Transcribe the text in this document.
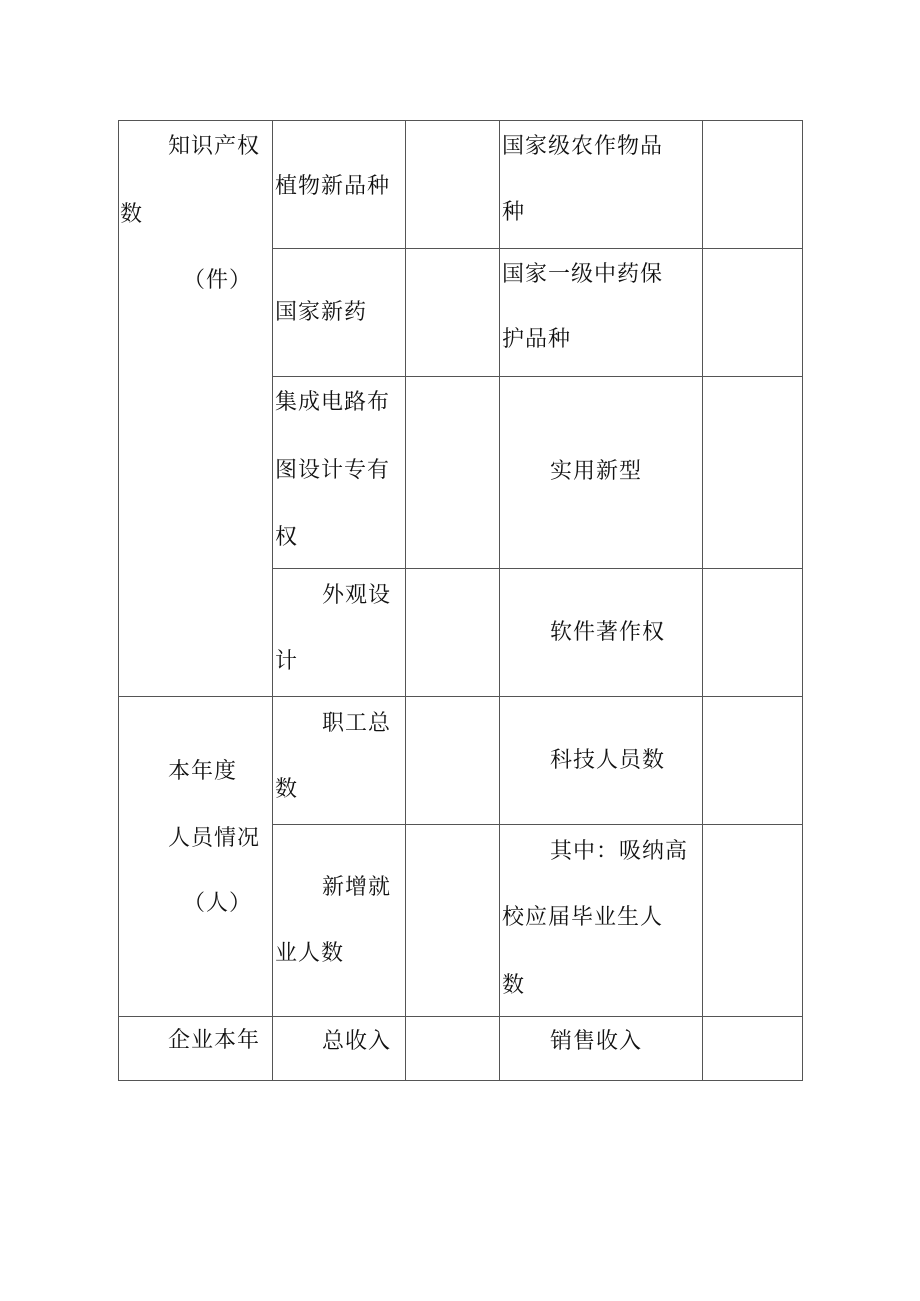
知识产权
数
（件）
植物新品种
国家级农作物品
种
国家新药
国家一级中药保
护品种
集成电路布
图设计专有
权
实用新型
外观设
计
软件著作权
本年度
人员情况
（人）
职工总
数
科技人员数
新增就
业人数
其中：吸纳高
校应届毕业生人
数
企业本年	总收入	销售收入
